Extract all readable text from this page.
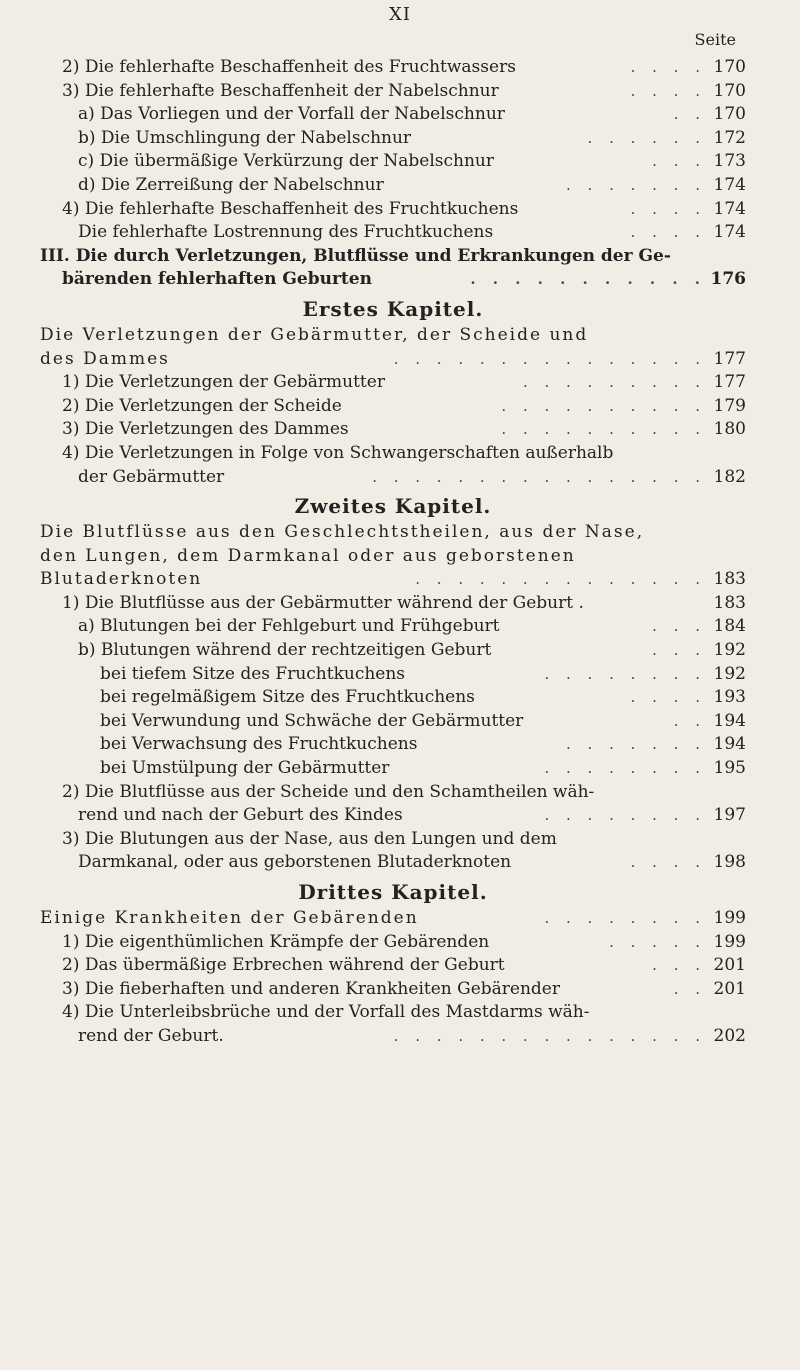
XI
Seite
2) Die fehlerhafte Beschaffenheit des Fruchtwassers	. . . . 170
3) Die fehlerhafte Beschaffenheit der Nabelschnur	. . . . 170
a) Das Vorliegen und der Vorfall der Nabelschnur	. . 170
b) Die Umschlingung der Nabelschnur	. . . . . . 172
c) Die übermäßige Verkürzung der Nabelschnur	. . . 173
d) Die Zerreißung der Nabelschnur	. . . . . . . 174
4) Die fehlerhafte Beschaffenheit des Fruchtkuchens	. . . . 174
Die fehlerhafte Lostrennung des Fruchtkuchens	. . . . 174
III. Die durch Verletzungen, Blutflüsse und Erkrankungen der Ge-
bärenden fehlerhaften Geburten	. . . . . . . . . . . 176
Erstes Kapitel.
Die Verletzungen der Gebärmutter, der Scheide und
des Dammes	. . . . . . . . . . . . . . . 177
1) Die Verletzungen der Gebärmutter	. . . . . . . . . 177
2) Die Verletzungen der Scheide	. . . . . . . . . . 179
3) Die Verletzungen des Dammes	. . . . . . . . . . 180
4) Die Verletzungen in Folge von Schwangerschaften außerhalb
der Gebärmutter	. . . . . . . . . . . . . . . . 182
Zweites Kapitel.
Die Blutflüsse aus den Geschlechtstheilen, aus der Nase,
den Lungen, dem Darmkanal oder aus geborstenen
Blutaderknoten	. . . . . . . . . . . . . . 183
1) Die Blutflüsse aus der Gebärmutter während der Geburt .	183
a) Blutungen bei der Fehlgeburt und Frühgeburt	. . . 184
b) Blutungen während der rechtzeitigen Geburt	. . . 192
bei tiefem Sitze des Fruchtkuchens	. . . . . . . . 192
bei regelmäßigem Sitze des Fruchtkuchens	. . . . 193
bei Verwundung und Schwäche der Gebärmutter	. . 194
bei Verwachsung des Fruchtkuchens	. . . . . . . 194
bei Umstülpung der Gebärmutter	. . . . . . . . 195
2) Die Blutflüsse aus der Scheide und den Schamtheilen wäh-
rend und nach der Geburt des Kindes	. . . . . . . . 197
3) Die Blutungen aus der Nase, aus den Lungen und dem
Darmkanal, oder aus geborstenen Blutaderknoten	. . . . 198
Drittes Kapitel.
Einige Krankheiten der Gebärenden	. . . . . . . . 199
1) Die eigenthümlichen Krämpfe der Gebärenden	. . . . . 199
2) Das übermäßige Erbrechen während der Geburt	. . . 201
3) Die fieberhaften und anderen Krankheiten Gebärender	. . 201
4) Die Unterleibsbrüche und der Vorfall des Mastdarms wäh-
rend der Geburt.	. . . . . . . . . . . . . . . 202
